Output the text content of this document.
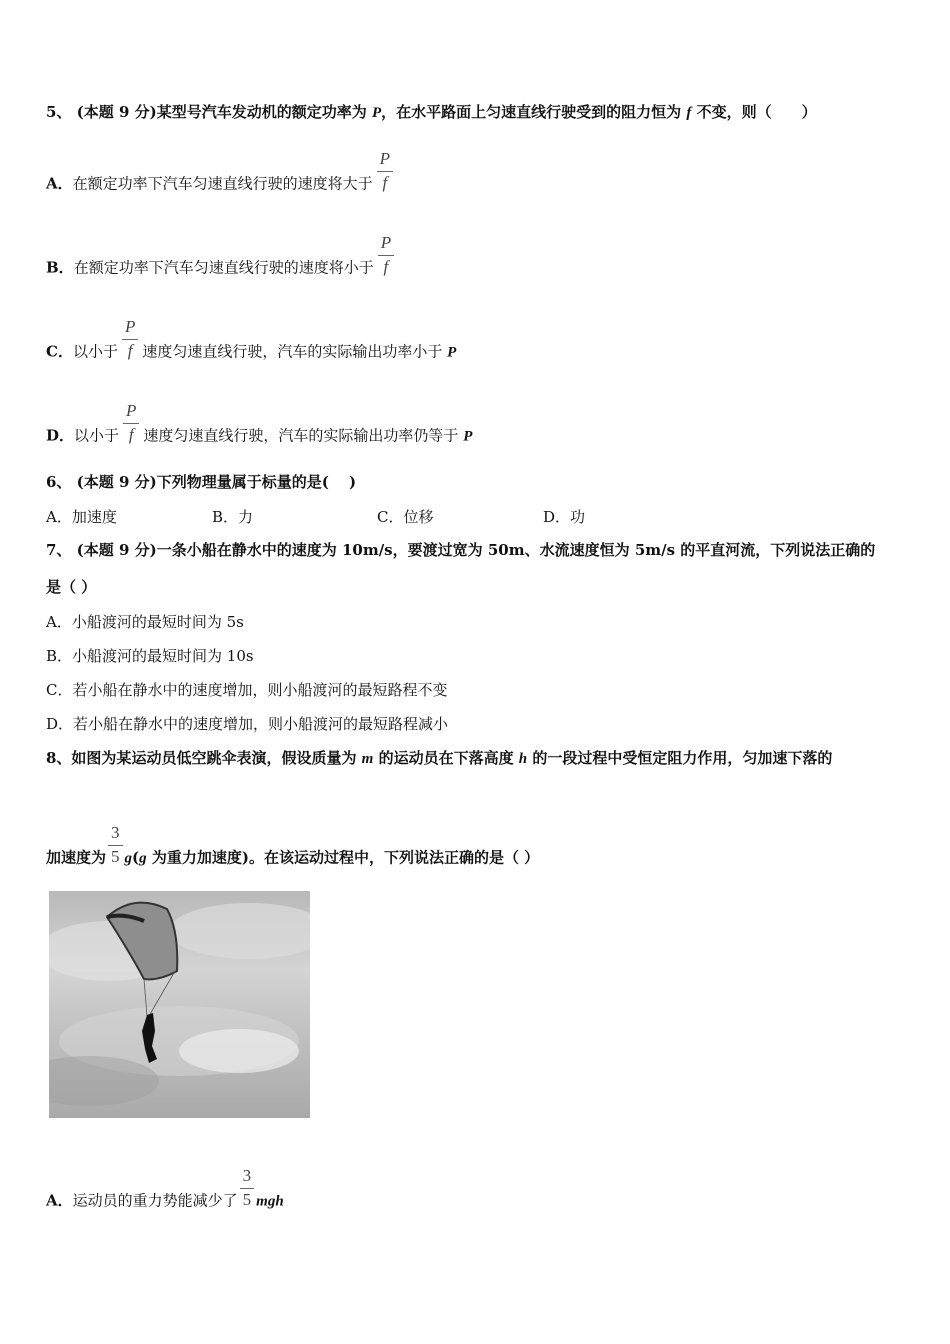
5、 (本题 9 分)某型号汽车发动机的额定功率为 P，在水平路面上匀速直线行驶受到的阻力恒为 f 不变，则（　　）
A．在额定功率下汽车匀速直线行驶的速度将大于 $\frac{P}{f}$
B．在额定功率下汽车匀速直线行驶的速度将小于 $\frac{P}{f}$
C．以小于 $\frac{P}{f}$ 速度匀速直线行驶，汽车的实际输出功率小于 P
D．以小于 $\frac{P}{f}$ 速度匀速直线行驶，汽车的实际输出功率仍等于 P
6、 (本题 9 分)下列物理量属于标量的是(　 )
A．加速度	B．力	C．位移	D．功
7、 (本题 9 分)一条小船在静水中的速度为 10m/s，要渡过宽为 50m、水流速度恒为 5m/s 的平直河流，下列说法正确的
是（ ）
A．小船渡河的最短时间为 5s
B．小船渡河的最短时间为 10s
C．若小船在静水中的速度增加，则小船渡河的最短路程不变
D．若小船在静水中的速度增加，则小船渡河的最短路程减小
8、如图为某运动员低空跳伞表演，假设质量为 m 的运动员在下落高度 h 的一段过程中受恒定阻力作用，匀加速下落的
加速度为 $\frac{3}{5} g(g$ 为重力加速度)。在该运动过程中，下列说法正确的是（ ）
A．运动员的重力势能减少了 $\frac{3}{5}$ mgh
